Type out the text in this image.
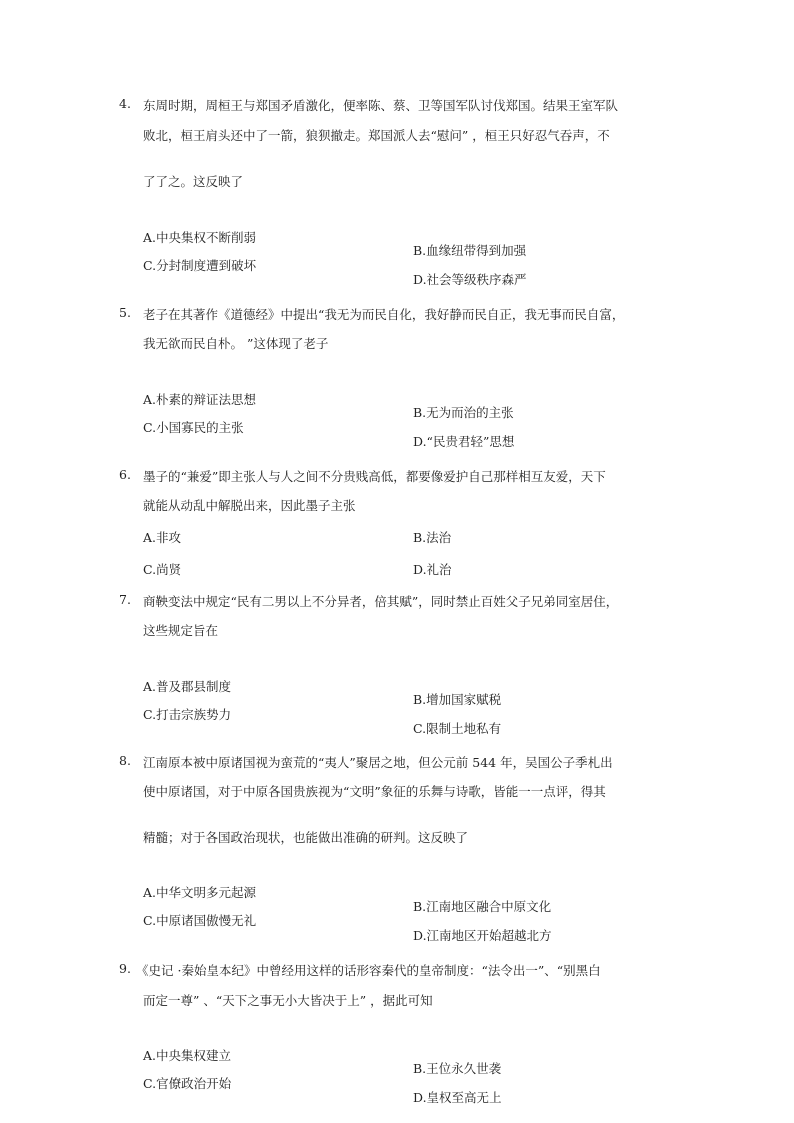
4. 东周时期，周桓王与郑国矛盾激化，便率陈、蔡、卫等国军队讨伐郑国。结果王室军队
败北，桓王肩头还中了一箭，狼狈撤走。郑国派人去“慰问” ，桓王只好忍气吞声，不
了了之。这反映了
A.中央集权不断削弱
B.血缘纽带得到加强
C.分封制度遭到破坏
D.社会等级秩序森严
5. 老子在其著作《道德经》中提出“我无为而民自化，我好静而民自正，我无事而民自富，
我无欲而民自朴。 ”这体现了老子
A.朴素的辩证法思想
B.无为而治的主张
C.小国寡民的主张
D.“民贵君轻”思想
6. 墨子的“兼爱”即主张人与人之间不分贵贱高低，都要像爱护自己那样相互友爱，天下
就能从动乱中解脱出来，因此墨子主张
A.非攻	B.法治
C.尚贤	D.礼治
7. 商鞅变法中规定“民有二男以上不分异者，倍其赋”，同时禁止百姓父子兄弟同室居住，
这些规定旨在
A.普及郡县制度
B.增加国家赋税
C.打击宗族势力
C.限制土地私有
8. 江南原本被中原诸国视为蛮荒的“夷人”聚居之地，但公元前 544 年，吴国公子季札出
使中原诸国，对于中原各国贵族视为“文明”象征的乐舞与诗歌，皆能一一点评，得其
精髓；对于各国政治现状，也能做出准确的研判。这反映了
A.中华文明多元起源
B.江南地区融合中原文化
C.中原诸国傲慢无礼
D.江南地区开始超越北方
9. 《史记 ·秦始皇本纪》中曾经用这样的话形容秦代的皇帝制度：“法令出一”、“别黑白
而定一尊” 、“天下之事无小大皆决于上” ，据此可知
A.中央集权建立
B.王位永久世袭
C.官僚政治开始
D.皇权至高无上
